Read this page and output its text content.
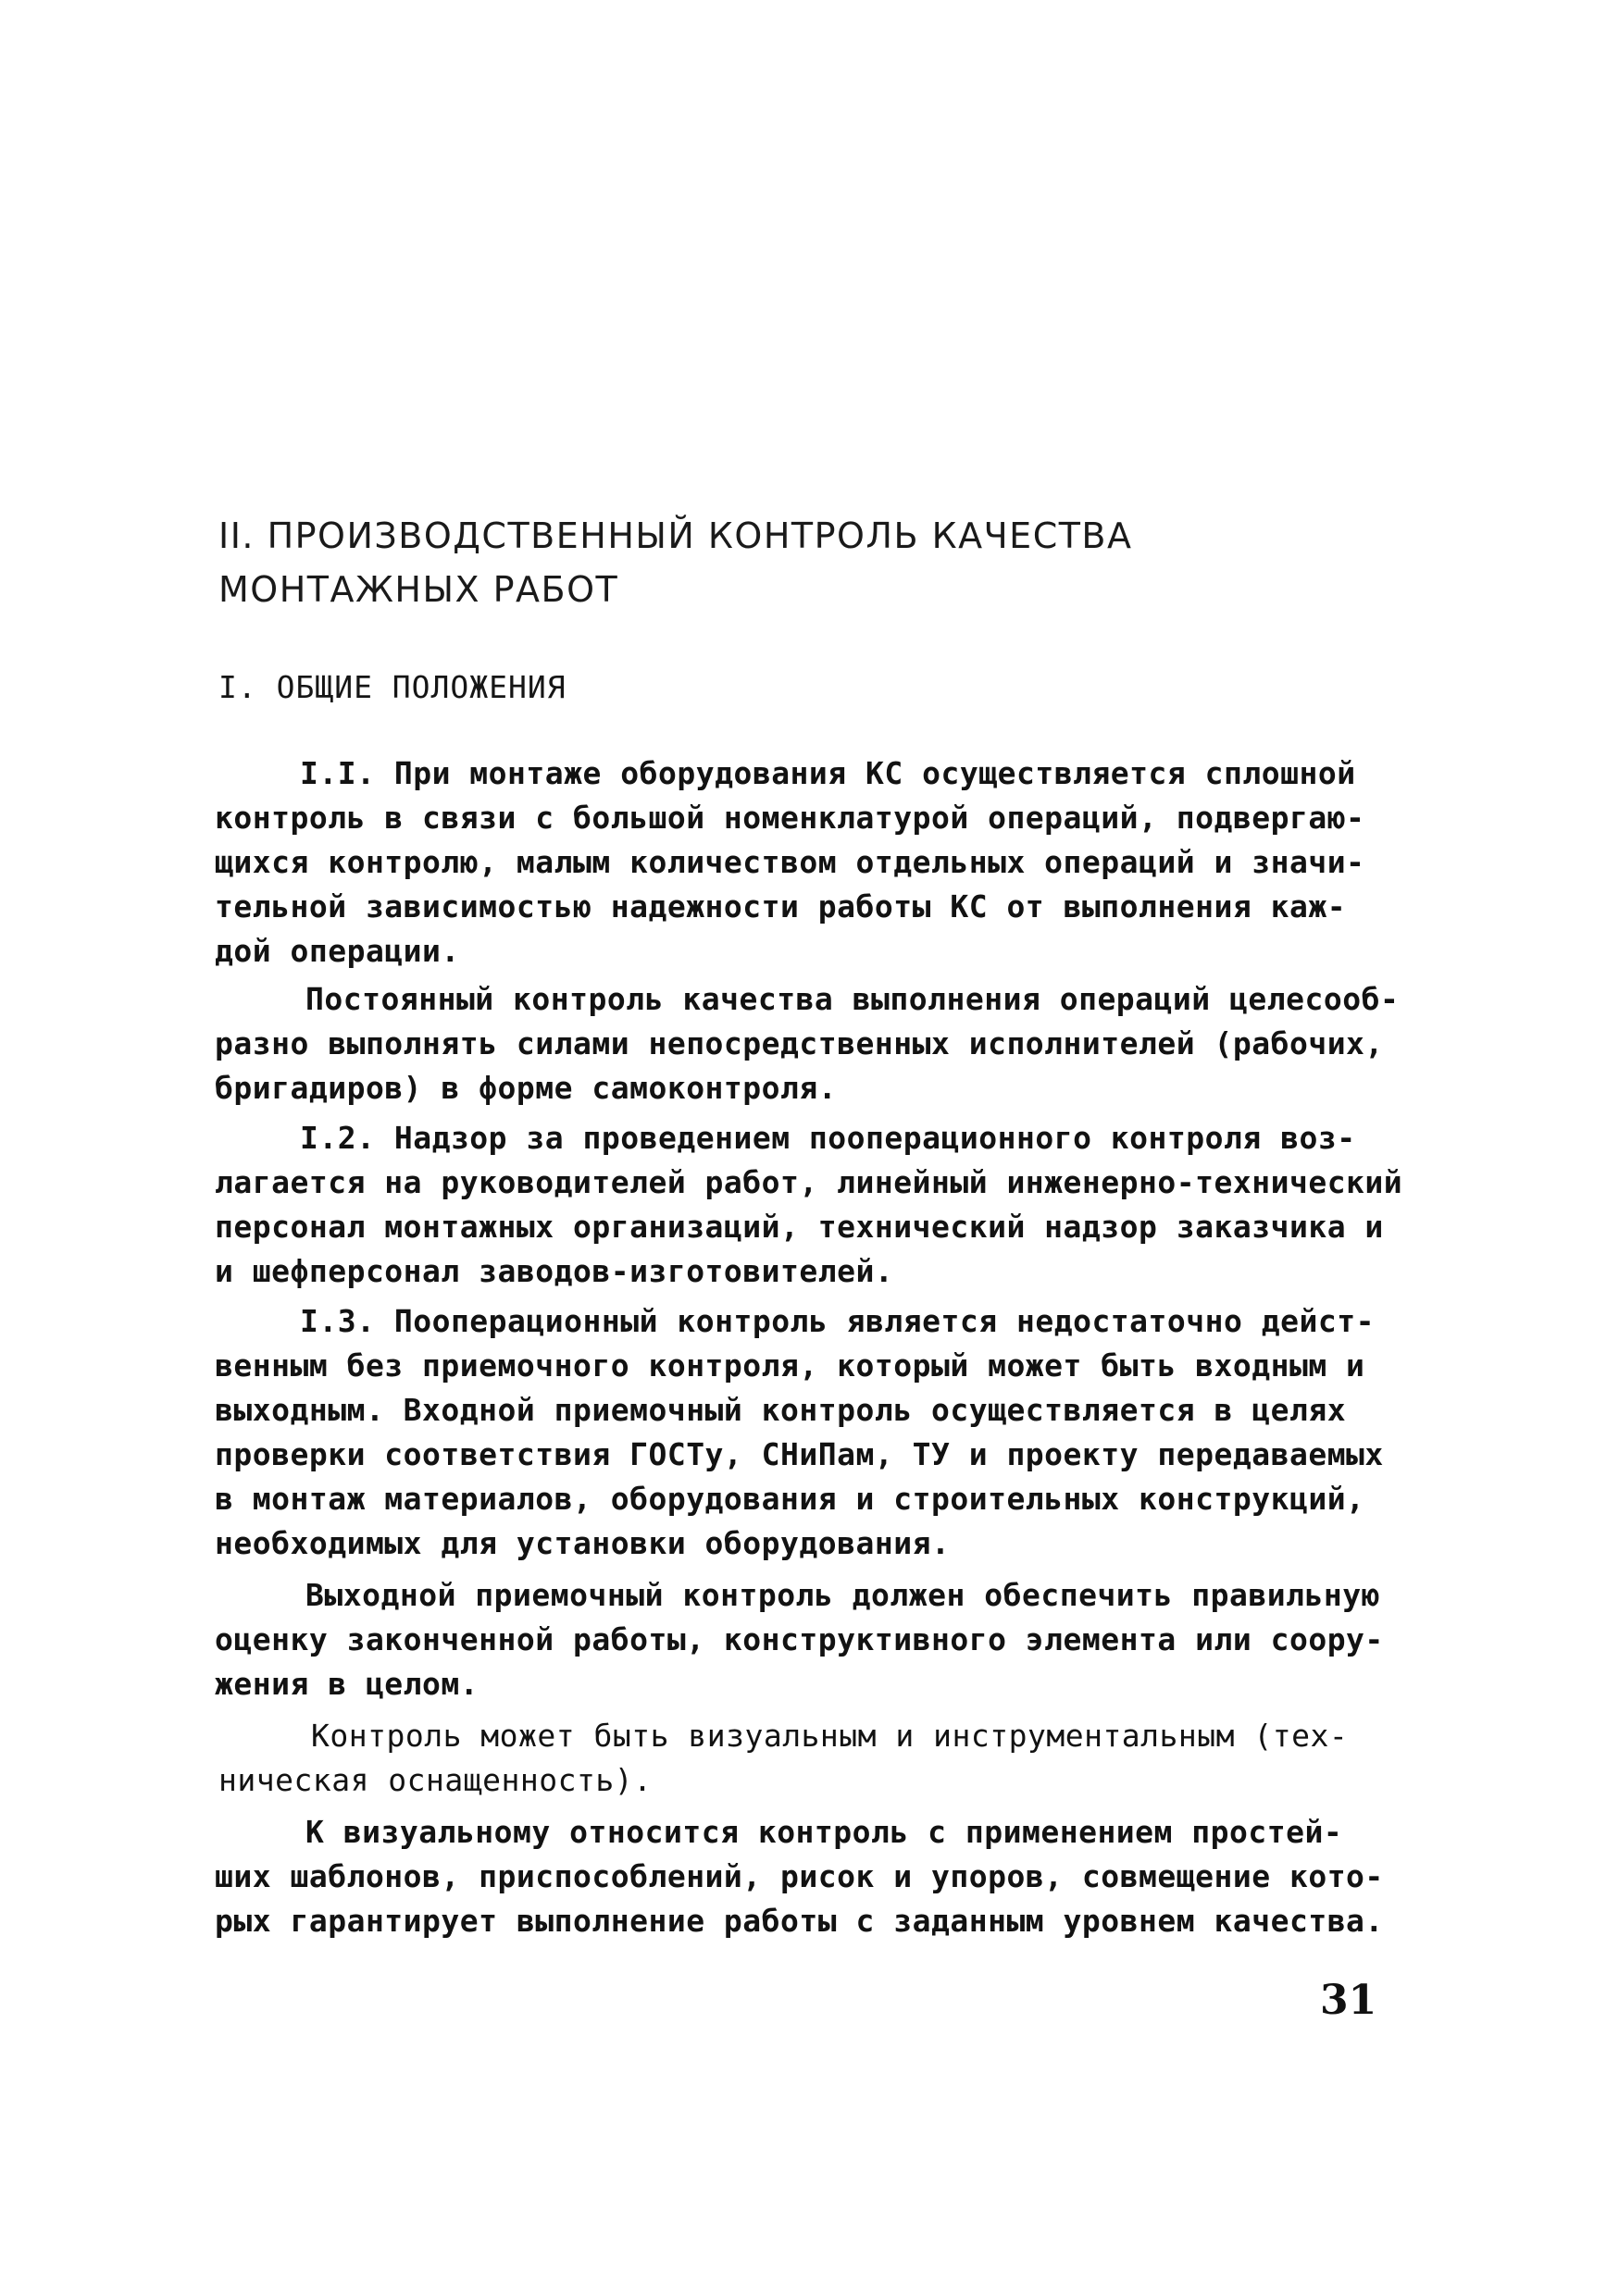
II. ПРОИЗВОДСТВЕННЫЙ КОНТРОЛЬ КАЧЕСТВА
МОНТАЖНЫХ РАБОТ
I. ОБЩИЕ ПОЛОЖЕНИЯ
I.I. При монтаже оборудования КС осуществляется сплошной
контроль в связи с большой номенклатурой операций, подвергаю-
щихся контролю, малым количеством отдельных операций и значи-
тельной зависимостью надежности работы КС от выполнения каж-
дой операции.
Постоянный контроль качества выполнения операций целесооб-
разно выполнять силами непосредственных исполнителей (рабочих,
бригадиров) в форме самоконтроля.
I.2. Надзор за проведением пооперационного контроля воз-
лагается на руководителей работ, линейный инженерно-технический
персонал монтажных организаций, технический надзор заказчика и
и шефперсонал заводов-изготовителей.
I.3. Пооперационный контроль является недостаточно дейст-
венным без приемочного контроля, который может быть входным и
выходным. Входной приемочный контроль осуществляется в целях
проверки соответствия ГОСТу, СНиПам, ТУ и проекту передаваемых
в монтаж материалов, оборудования и строительных конструкций,
необходимых для установки оборудования.
Выходной приемочный контроль должен обеспечить правильную
оценку законченной работы, конструктивного элемента или соору-
жения в целом.
Контроль может быть визуальным и инструментальным (тех-
ническая оснащенность).
К визуальному относится контроль с применением простей-
ших шаблонов, приспособлений, рисок и упоров, совмещение кото-
рых гарантирует выполнение работы с заданным уровнем качества.
31
